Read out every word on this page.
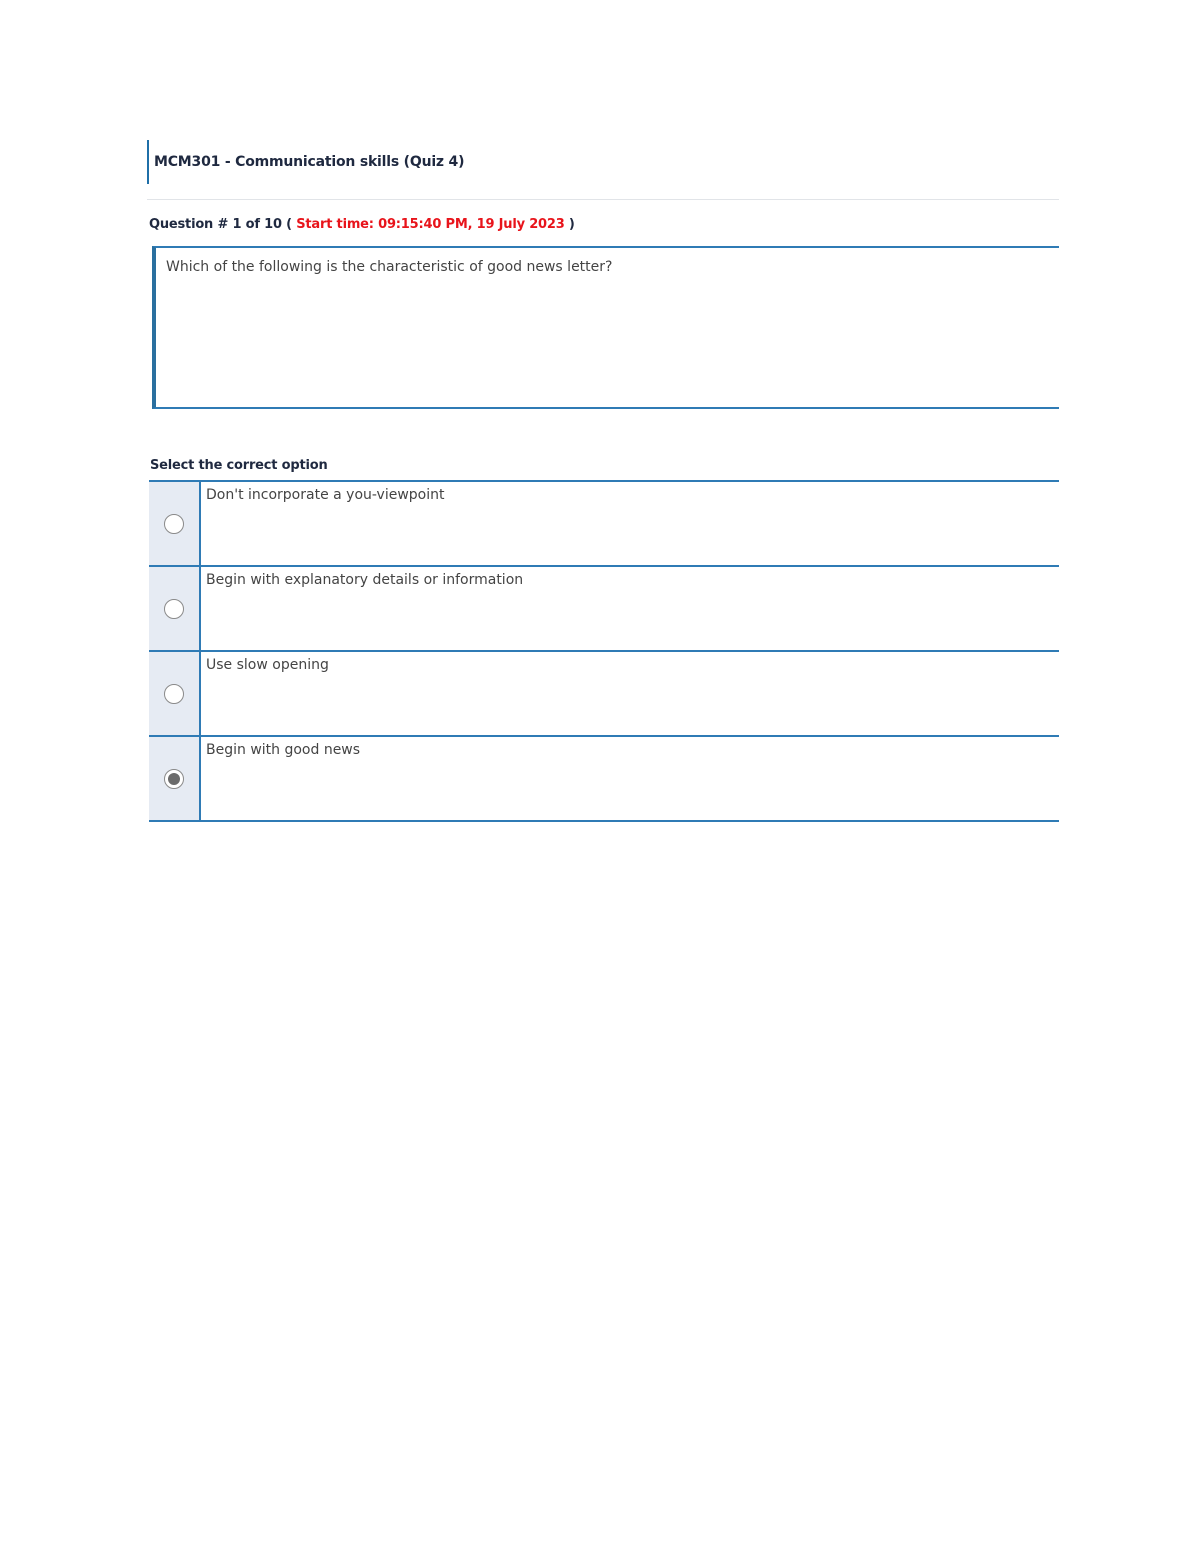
MCM301 - Communication skills (Quiz 4)
Question # 1 of 10 ( Start time: 09:15:40 PM, 19 July 2023 )
Which of the following is the characteristic of good news letter?
Select the correct option
Don't incorporate a you-viewpoint
Begin with explanatory details or information
Use slow opening
Begin with good news
